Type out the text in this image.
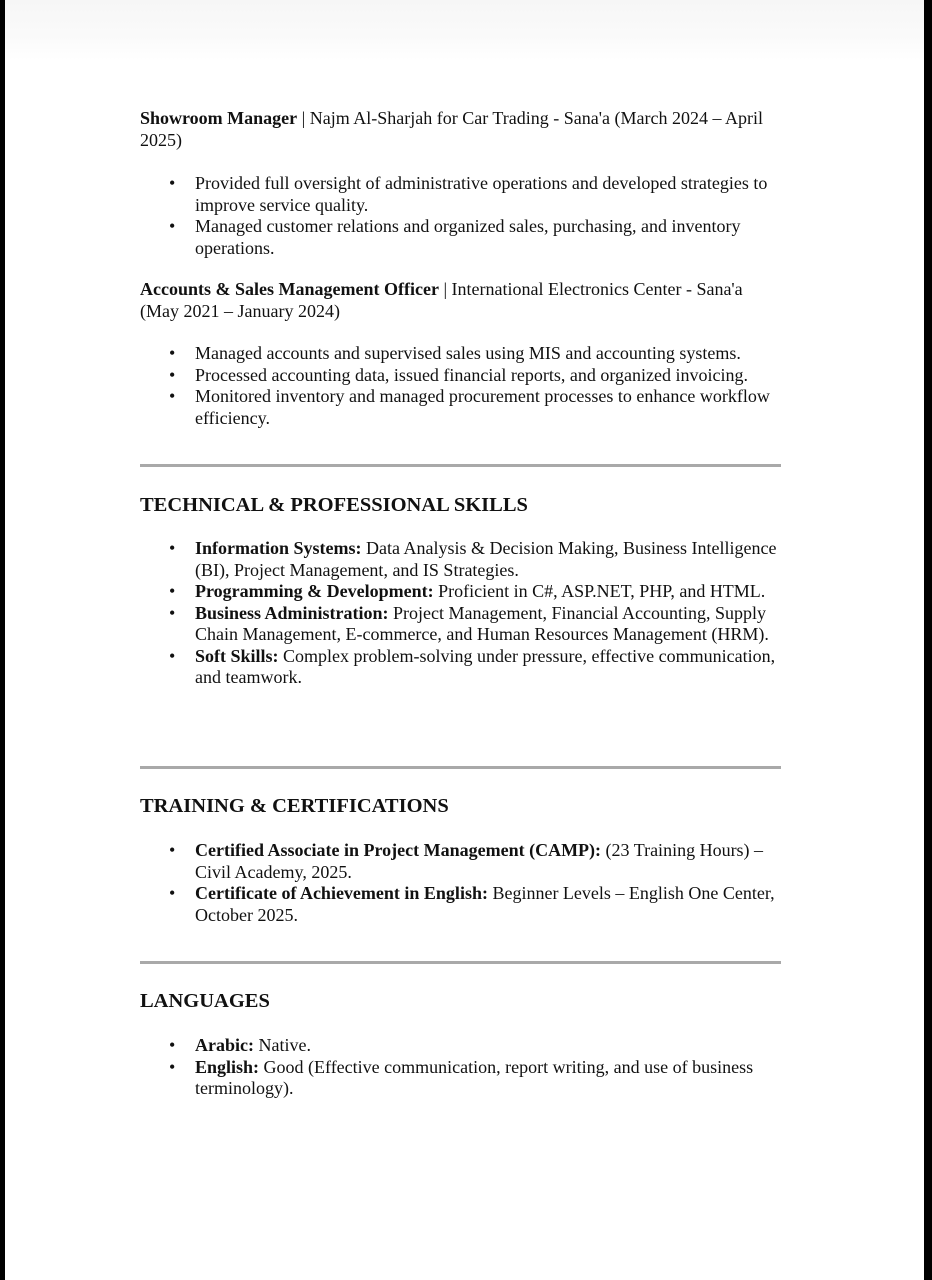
Showroom Manager | Najm Al-Sharjah for Car Trading - Sana'a (March 2024 – April 2025)
• Provided full oversight of administrative operations and developed strategies to improve service quality.
• Managed customer relations and organized sales, purchasing, and inventory operations.
Accounts & Sales Management Officer | International Electronics Center - Sana'a (May 2021 – January 2024)
• Managed accounts and supervised sales using MIS and accounting systems.
• Processed accounting data, issued financial reports, and organized invoicing.
• Monitored inventory and managed procurement processes to enhance workflow efficiency.
TECHNICAL & PROFESSIONAL SKILLS
• Information Systems: Data Analysis & Decision Making, Business Intelligence (BI), Project Management, and IS Strategies.
• Programming & Development: Proficient in C#, ASP.NET, PHP, and HTML.
• Business Administration: Project Management, Financial Accounting, Supply Chain Management, E-commerce, and Human Resources Management (HRM).
• Soft Skills: Complex problem-solving under pressure, effective communication, and teamwork.
TRAINING & CERTIFICATIONS
• Certified Associate in Project Management (CAMP): (23 Training Hours) – Civil Academy, 2025.
• Certificate of Achievement in English: Beginner Levels – English One Center, October 2025.
LANGUAGES
• Arabic: Native.
• English: Good (Effective communication, report writing, and use of business terminology).
